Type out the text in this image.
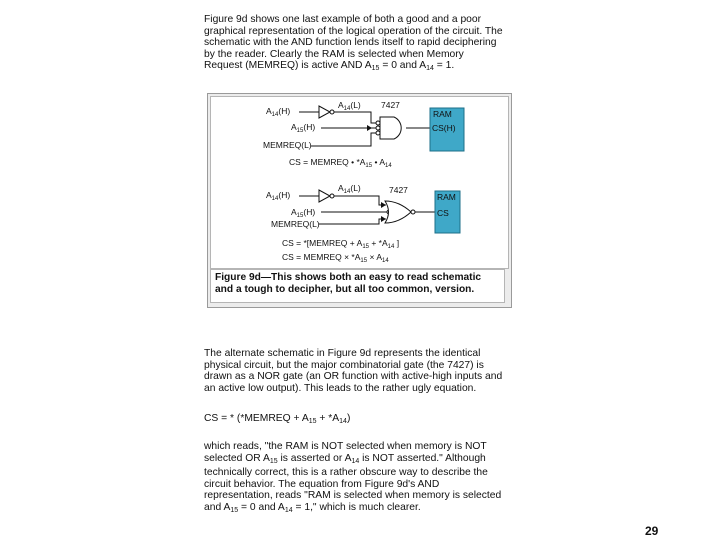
Figure 9d shows one last example of both a good and a poor
graphical representation of the logical operation of the circuit. The
schematic with the AND function lends itself to rapid deciphering
by the reader. Clearly the RAM is selected when Memory
Request (MEMREQ) is active AND $A_{15} = 0$ and $A_{14} = 1$.
$A_{14}(H)$
$A_{14}(L)$
$A_{15}(H)$
MEMREQ(L)
7427
RAM
CS(H)
CS = MEMREQ • $*A_{15}$ • $A_{14}$
$A_{14}(H)$
$A_{14}(L)$
$A_{15}(H)$
MEMREQ(L)
7427
RAM
CS
CS = *[MEMREQ + $A_{15} + *A_{14}$ ]
CS = MEMREQ × $*A_{15} \times A_{14}$
Figure 9d—This shows both an easy to read schematic
and a tough to decipher, but all too common, version.
The alternate schematic in Figure 9d represents the identical
physical circuit, but the major combinatorial gate (the 7427) is
drawn as a NOR gate (an OR function with active-high inputs and
an active low output). This leads to the rather ugly equation.
CS = * (*MEMREQ + $A_{15} + *A_{14}$)
which reads, "the RAM is NOT selected when memory is NOT
selected OR $A_{15}$ is asserted or $A_{14}$ is NOT asserted." Although
technically correct, this is a rather obscure way to describe the
circuit behavior. The equation from Figure 9d's AND
representation, reads "RAM is selected when memory is selected
and $A_{15} = 0$ and $A_{14} = 1$," which is much clearer.
29
